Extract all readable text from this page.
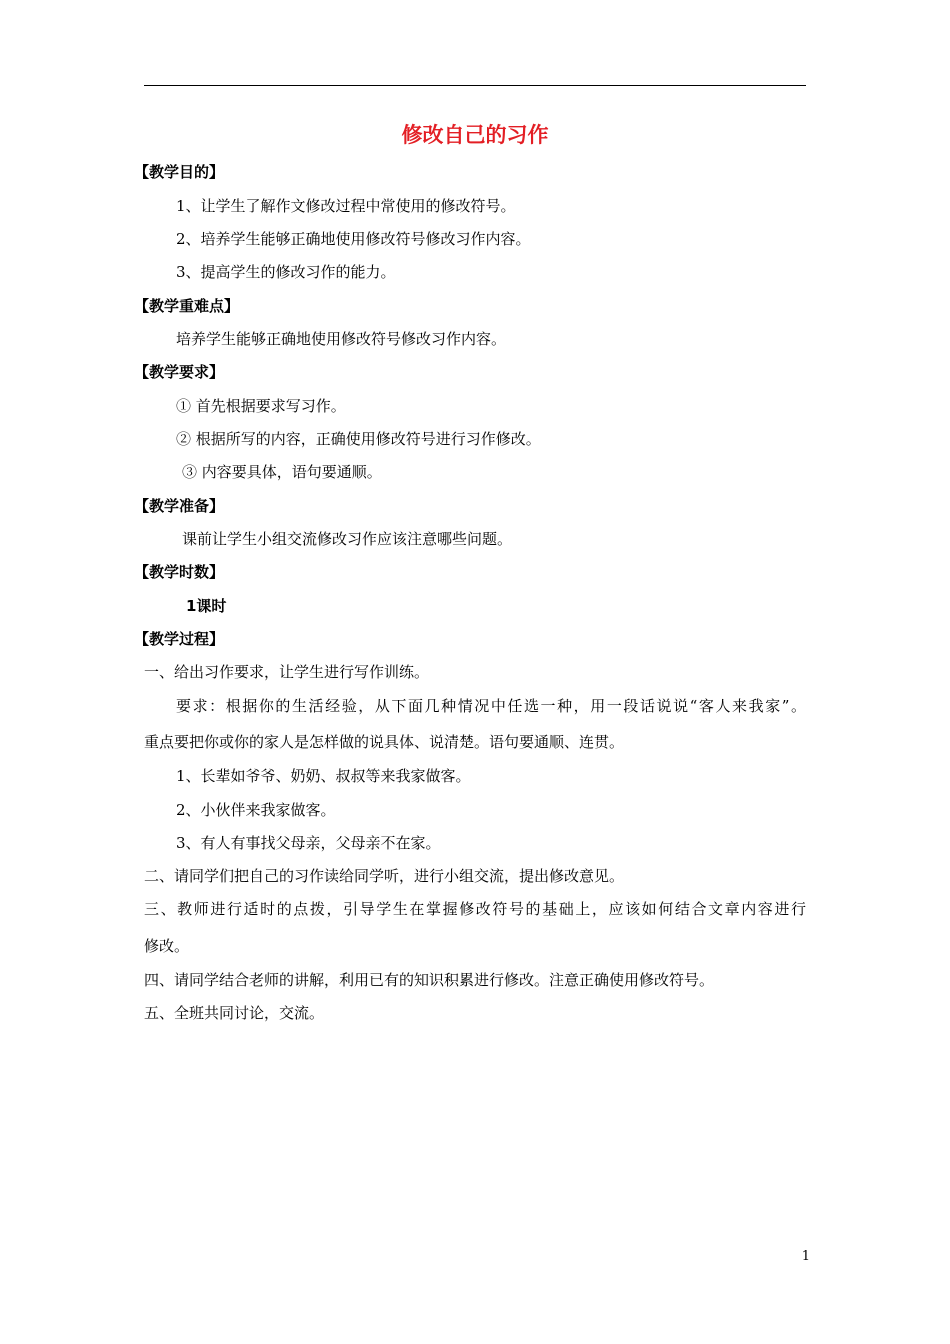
修改自己的习作
【教学目的】
1、让学生了解作文修改过程中常使用的修改符号。
2、培养学生能够正确地使用修改符号修改习作内容。
3、提高学生的修改习作的能力。
【教学重难点】
培养学生能够正确地使用修改符号修改习作内容。
【教学要求】
① 首先根据要求写习作。
② 根据所写的内容，正确使用修改符号进行习作修改。
③ 内容要具体，语句要通顺。
【教学准备】
课前让学生小组交流修改习作应该注意哪些问题。
【教学时数】
1课时
【教学过程】
一、给出习作要求，让学生进行写作训练。
要求：根据你的生活经验，从下面几种情况中任选一种，用一段话说说“客人来我家”。
重点要把你或你的家人是怎样做的说具体、说清楚。语句要通顺、连贯。
1、长辈如爷爷、奶奶、叔叔等来我家做客。
2、小伙伴来我家做客。
3、有人有事找父母亲，父母亲不在家。
二、请同学们把自己的习作读给同学听，进行小组交流，提出修改意见。
三、教师进行适时的点拨，引导学生在掌握修改符号的基础上，应该如何结合文章内容进行
修改。
四、请同学结合老师的讲解，利用已有的知识积累进行修改。注意正确使用修改符号。
五、全班共同讨论，交流。
1
